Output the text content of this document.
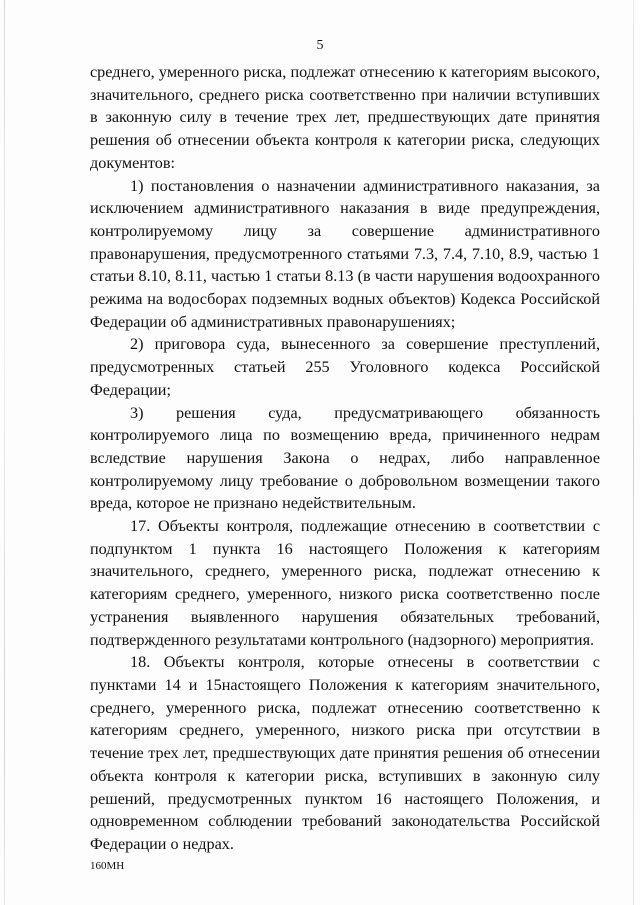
5

среднего, умеренного риска, подлежат отнесению к категориям высокого, значительного, среднего риска соответственно при наличии вступивших в законную силу в течение трех лет, предшествующих дате принятия решения об отнесении объекта контроля к категории риска, следующих документов:

1) постановления о назначении административного наказания, за исключением административного наказания в виде предупреждения, контролируемому лицу за совершение административного правонарушения, предусмотренного статьями 7.3, 7.4, 7.10, 8.9, частью 1 статьи 8.10, 8.11, частью 1 статьи 8.13 (в части нарушения водоохранного режима на водосборах подземных водных объектов) Кодекса Российской Федерации об административных правонарушениях;

2) приговора суда, вынесенного за совершение преступлений, предусмотренных статьей 255 Уголовного кодекса Российской Федерации;

3) решения суда, предусматривающего обязанность контролируемого лица по возмещению вреда, причиненного недрам вследствие нарушения Закона о недрах, либо направленное контролируемому лицу требование о добровольном возмещении такого вреда, которое не признано недействительным.

17. Объекты контроля, подлежащие отнесению в соответствии с подпунктом 1 пункта 16 настоящего Положения к категориям значительного, среднего, умеренного риска, подлежат отнесению к категориям среднего, умеренного, низкого риска соответственно после устранения выявленного нарушения обязательных требований, подтвержденного результатами контрольного (надзорного) мероприятия.

18. Объекты контроля, которые отнесены в соответствии с пунктами 14 и 15настоящего Положения к категориям значительного, среднего, умеренного риска, подлежат отнесению соответственно к категориям среднего, умеренного, низкого риска при отсутствии в течение трех лет, предшествующих дате принятия решения об отнесении объекта контроля к категории риска, вступивших в законную силу решений, предусмотренных пунктом 16 настоящего Положения, и одновременном соблюдении требований законодательства Российской Федерации о недрах.

160МН
